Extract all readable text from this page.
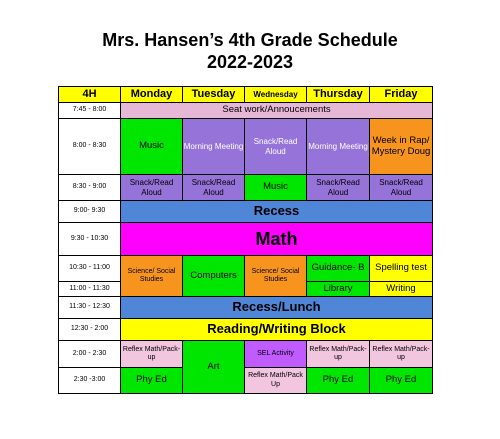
Mrs. Hansen’s 4th Grade Schedule
2022-2023
4H	Monday	Tuesday	Wednesday	Thursday	Friday
7:45 - 8:00	Seat work/Annoucements				
8:00 - 8:30	Music	Morning Meeting	Snack/Read Aloud	Morning Meeting	Week in Rap/ Mystery Doug
8:30 - 9:00	Snack/Read Aloud	Snack/Read Aloud	Music	Snack/Read Aloud	Snack/Read Aloud
9:00- 9:30	Recess				
9:30 - 10:30	Math				
10:30 - 11:00	Science/ Social Studies	Computers	Science/ Social Studies	Guidance- B	Spelling test
11:00 - 11:30				Library	Writing
11:30 - 12:30	Recess/Lunch				
12:30 - 2:00	Reading/Writing Block				
2:00 - 2:30	Reflex Math/Pack-up	Art	SEL Activity	Reflex Math/Pack-up	Reflex Math/Pack-up
2:30 -3:00	Phy Ed		Reflex Math/Pack Up	Phy Ed	Phy Ed
